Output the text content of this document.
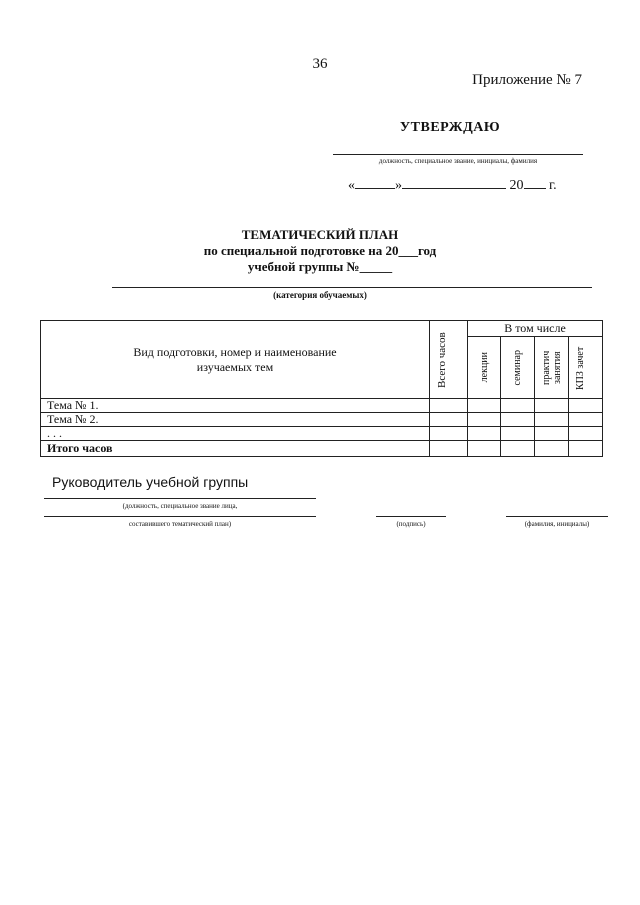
36
Приложение № 7
УТВЕРЖДАЮ
должность, специальное звание, инициалы, фамилия
«	»	20 г.
ТЕМАТИЧЕСКИЙ ПЛАН
по специальной подготовке на 20___год
учебной группы №_____
(категория обучаемых)
Вид подготовки, номер и наименование
изучаемых тем	Всего часов	В том числе			

		лекции	семинар	практич занятия	КПЗ зачет

Тема № 1.					
Тема № 2.					
. . .					
Итого часов					
Руководитель учебной группы
(должность, специальное звание лица,
составившего тематический план)	(подпись)	(фамилия, инициалы)
